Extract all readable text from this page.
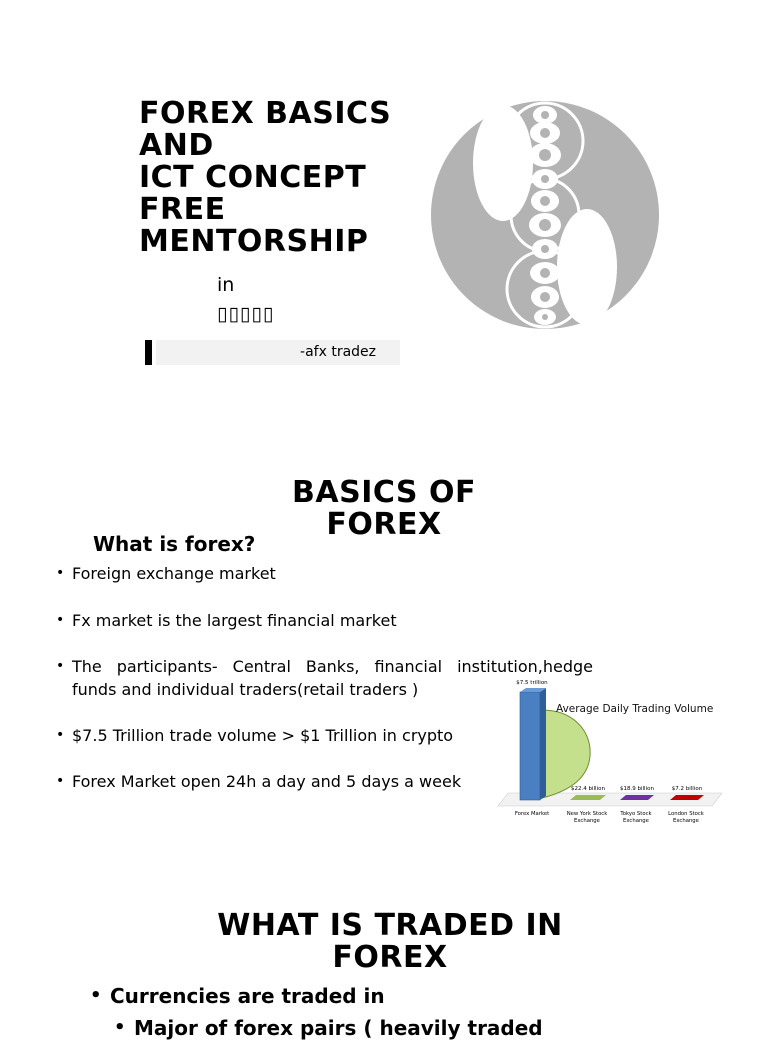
FOREX BASICS
AND
ICT CONCEPT
FREE
MENTORSHIP
in
▯▯▯▯▯
-afx tradez
BASICS OF FOREX
What is forex?
• Foreign exchange market
• Fx market is the largest financial market
• The participants- Central Banks, financial institution,hedge funds and individual traders(retail traders )
• $7.5 Trillion trade volume > $1 Trillion in crypto
• Forex Market open 24h a day and 5 days a week
Average Daily Trading Volume
$7.5 trillion
Forex Market
$22.4 billion
New York Stock
Exchange
$18.9 billion
Tokyo Stock
Exchange
$7.2 billion
London Stock
Exchange
WHAT IS TRADED IN FOREX
• Currencies are traded in
• Major of forex pairs ( heavily traded
